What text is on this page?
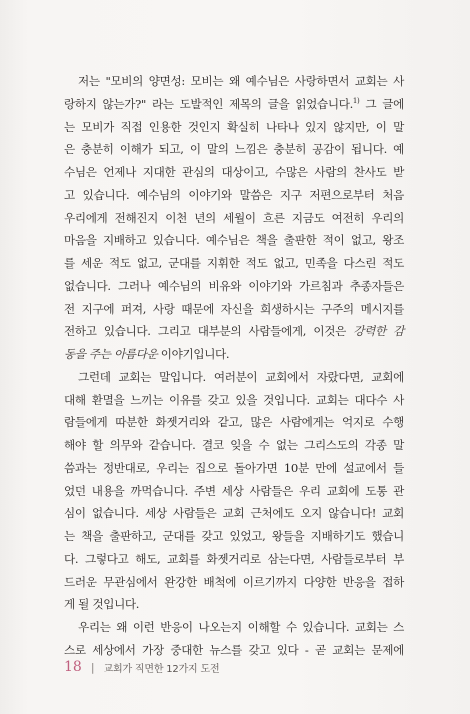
저는 "모비의 양면성: 모비는 왜 예수님은 사랑하면서 교회는 사

랑하지 않는가?" 라는 도발적인 제목의 글을 읽었습니다.$^{1)}$ 그 글에

는 모비가 직접 인용한 것인지 확실히 나타나 있지 않지만, 이 말

은 충분히 이해가 되고, 이 말의 느낌은 충분히 공감이 됩니다. 예

수님은 언제나 지대한 관심의 대상이고, 수많은 사람의 찬사도 받

고 있습니다. 예수님의 이야기와 말씀은 지구 저편으로부터 처음

우리에게 전해진지 이천 년의 세월이 흐른 지금도 여전히 우리의

마음을 지배하고 있습니다. 예수님은 책을 출판한 적이 없고, 왕조

를 세운 적도 없고, 군대를 지휘한 적도 없고, 민족을 다스린 적도

없습니다. 그러나 예수님의 비유와 이야기와 가르침과 추종자들은

전 지구에 퍼져, 사랑 때문에 자신을 희생하시는 구주의 메시지를

전하고 있습니다. 그리고 대부분의 사람들에게, 이것은 강력한 감

동을 주는 아름다운 이야기입니다.

그런데 교회는 말입니다. 여러분이 교회에서 자랐다면, 교회에

대해 환멸을 느끼는 이유를 갖고 있을 것입니다. 교회는 대다수 사

람들에게 따분한 화젯거리와 같고, 많은 사람에게는 억지로 수행

해야 할 의무와 같습니다. 결코 잊을 수 없는 그리스도의 각종 말

씀과는 정반대로, 우리는 집으로 돌아가면 10분 만에 설교에서 들

었던 내용을 까먹습니다. 주변 세상 사람들은 우리 교회에 도통 관

심이 없습니다. 세상 사람들은 교회 근처에도 오지 않습니다! 교회

는 책을 출판하고, 군대를 갖고 있었고, 왕들을 지배하기도 했습니

다. 그렇다고 해도, 교회를 화젯거리로 삼는다면, 사람들로부터 부

드러운 무관심에서 완강한 배척에 이르기까지 다양한 반응을 접하

게 될 것입니다.

우리는 왜 이런 반응이 나오는지 이해할 수 있습니다. 교회는 스

스로 세상에서 가장 중대한 뉴스를 갖고 있다 - 곧 교회는 문제에

18 | 교회가 직면한 12가지 도전
